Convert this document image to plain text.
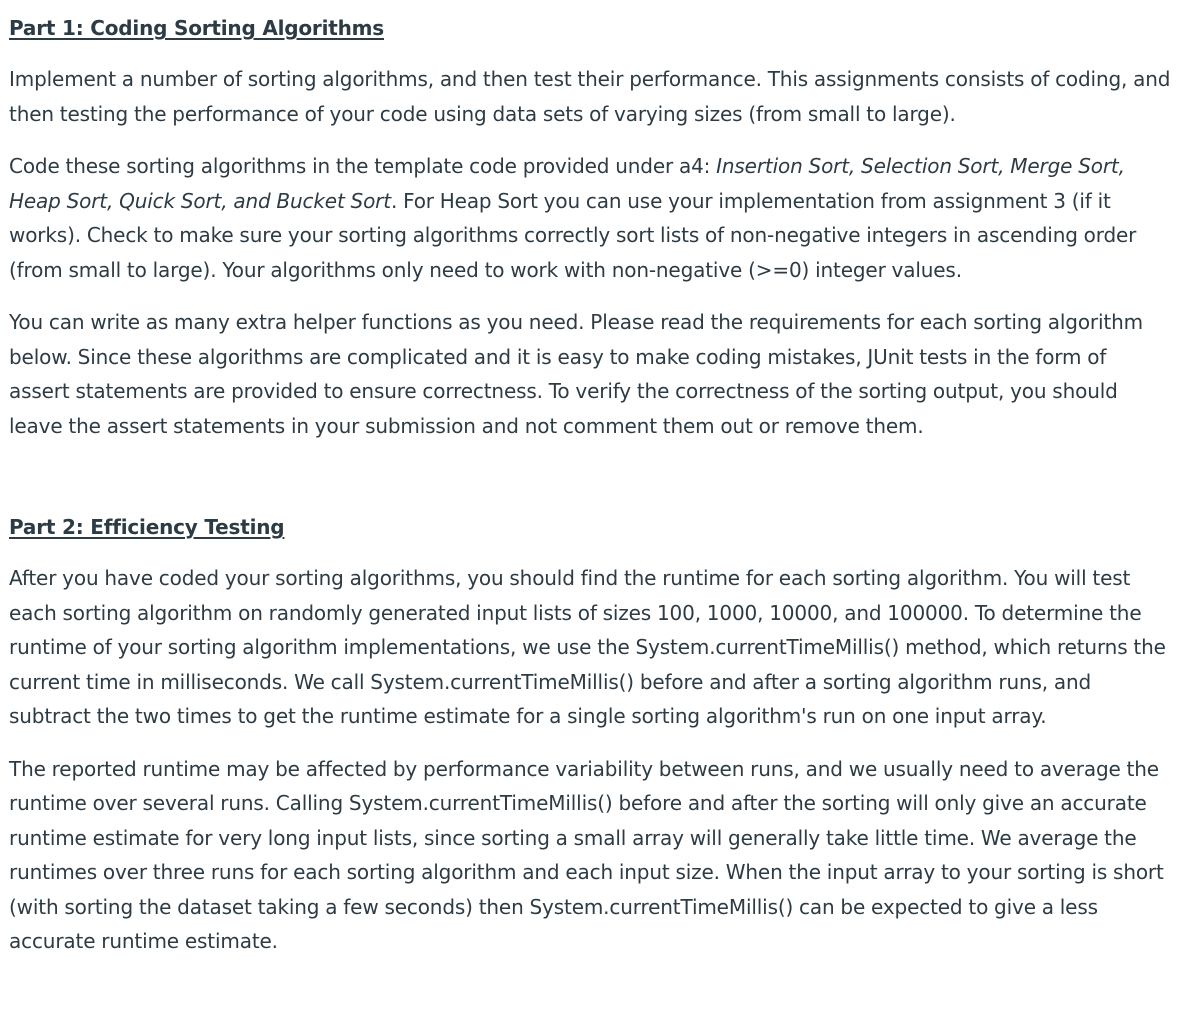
Part 1: Coding Sorting Algorithms

Implement a number of sorting algorithms, and then test their performance. This assignments consists of coding, and then testing the performance of your code using data sets of varying sizes (from small to large).

Code these sorting algorithms in the template code provided under a4: Insertion Sort, Selection Sort, Merge Sort, Heap Sort, Quick Sort, and Bucket Sort. For Heap Sort you can use your implementation from assignment 3 (if it works). Check to make sure your sorting algorithms correctly sort lists of non-negative integers in ascending order (from small to large). Your algorithms only need to work with non-negative (>=0) integer values.

You can write as many extra helper functions as you need. Please read the requirements for each sorting algorithm below. Since these algorithms are complicated and it is easy to make coding mistakes, JUnit tests in the form of assert statements are provided to ensure correctness. To verify the correctness of the sorting output, you should leave the assert statements in your submission and not comment them out or remove them.

Part 2: Efficiency Testing

After you have coded your sorting algorithms, you should find the runtime for each sorting algorithm. You will test each sorting algorithm on randomly generated input lists of sizes 100, 1000, 10000, and 100000. To determine the runtime of your sorting algorithm implementations, we use the System.currentTimeMillis() method, which returns the current time in milliseconds. We call System.currentTimeMillis() before and after a sorting algorithm runs, and subtract the two times to get the runtime estimate for a single sorting algorithm's run on one input array.

The reported runtime may be affected by performance variability between runs, and we usually need to average the runtime over several runs. Calling System.currentTimeMillis() before and after the sorting will only give an accurate runtime estimate for very long input lists, since sorting a small array will generally take little time. We average the runtimes over three runs for each sorting algorithm and each input size. When the input array to your sorting is short (with sorting the dataset taking a few seconds) then System.currentTimeMillis() can be expected to give a less accurate runtime estimate.
